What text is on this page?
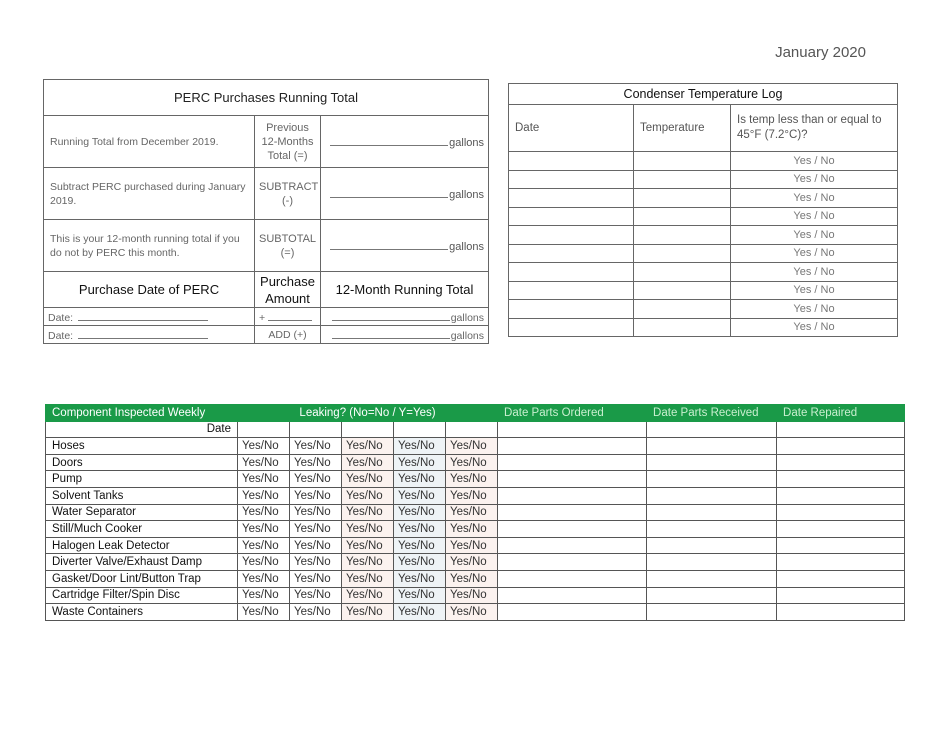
January 2020
PERC Purchases Running Total		
Running Total from December 2019.	Previous 12-Months Total (=)	gallons
Subtract PERC purchased during January 2019.	SUBTRACT (-)	gallons
This is your 12-month running total if you do not by PERC this month.	SUBTOTAL (=)	gallons
Purchase Date of PERC	Purchase Amount	12-Month Running Total
Date:	+	gallons
Date:	ADD (+)	gallons
Condenser Temperature Log		
Date	Temperature	Is temp less than or equal to 45°F (7.2°C)?
		Yes / No
		Yes / No
		Yes / No
		Yes / No
		Yes / No
		Yes / No
		Yes / No
		Yes / No
		Yes / No
		Yes / No
Component Inspected Weekly	Leaking? (No=No / Y=Yes)					Date Parts Ordered	Date Parts Received	Date Repaired
Date								
Hoses	Yes/No	Yes/No	Yes/No	Yes/No	Yes/No			
Doors	Yes/No	Yes/No	Yes/No	Yes/No	Yes/No			
Pump	Yes/No	Yes/No	Yes/No	Yes/No	Yes/No			
Solvent Tanks	Yes/No	Yes/No	Yes/No	Yes/No	Yes/No			
Water Separator	Yes/No	Yes/No	Yes/No	Yes/No	Yes/No			
Still/Much Cooker	Yes/No	Yes/No	Yes/No	Yes/No	Yes/No			
Halogen Leak Detector	Yes/No	Yes/No	Yes/No	Yes/No	Yes/No			
Diverter Valve/Exhaust Damp	Yes/No	Yes/No	Yes/No	Yes/No	Yes/No			
Gasket/Door Lint/Button Trap	Yes/No	Yes/No	Yes/No	Yes/No	Yes/No			
Cartridge Filter/Spin Disc	Yes/No	Yes/No	Yes/No	Yes/No	Yes/No			
Waste Containers	Yes/No	Yes/No	Yes/No	Yes/No	Yes/No			
